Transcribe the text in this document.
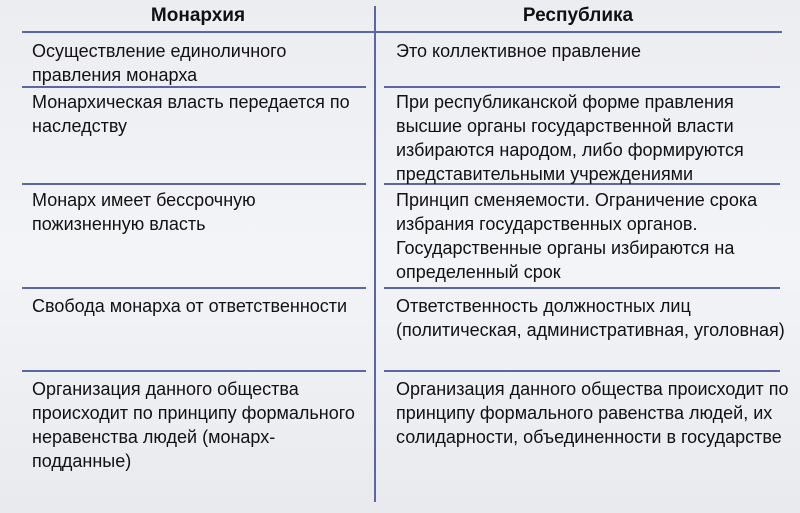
Монархия	Республика
Осуществление единоличного правления монарха
Это коллективное правление
Монархическая власть передается по наследству
При республиканской форме правления высшие органы государственной власти избираются народом, либо формируются представительными учреждениями
Монарх имеет бессрочную пожизненную власть
Принцип сменяемости. Ограничение срока избрания государственных органов. Государственные органы избираются на определенный срок
Свобода монарха от ответственности	Ответственность должностных лиц (политическая, административная, уголовная)
Организация данного общества происходит по принципу формального неравенства людей (монарх-подданные)
Организация данного общества происходит по принципу формального равенства людей, их солидарности, объединенности в государстве
